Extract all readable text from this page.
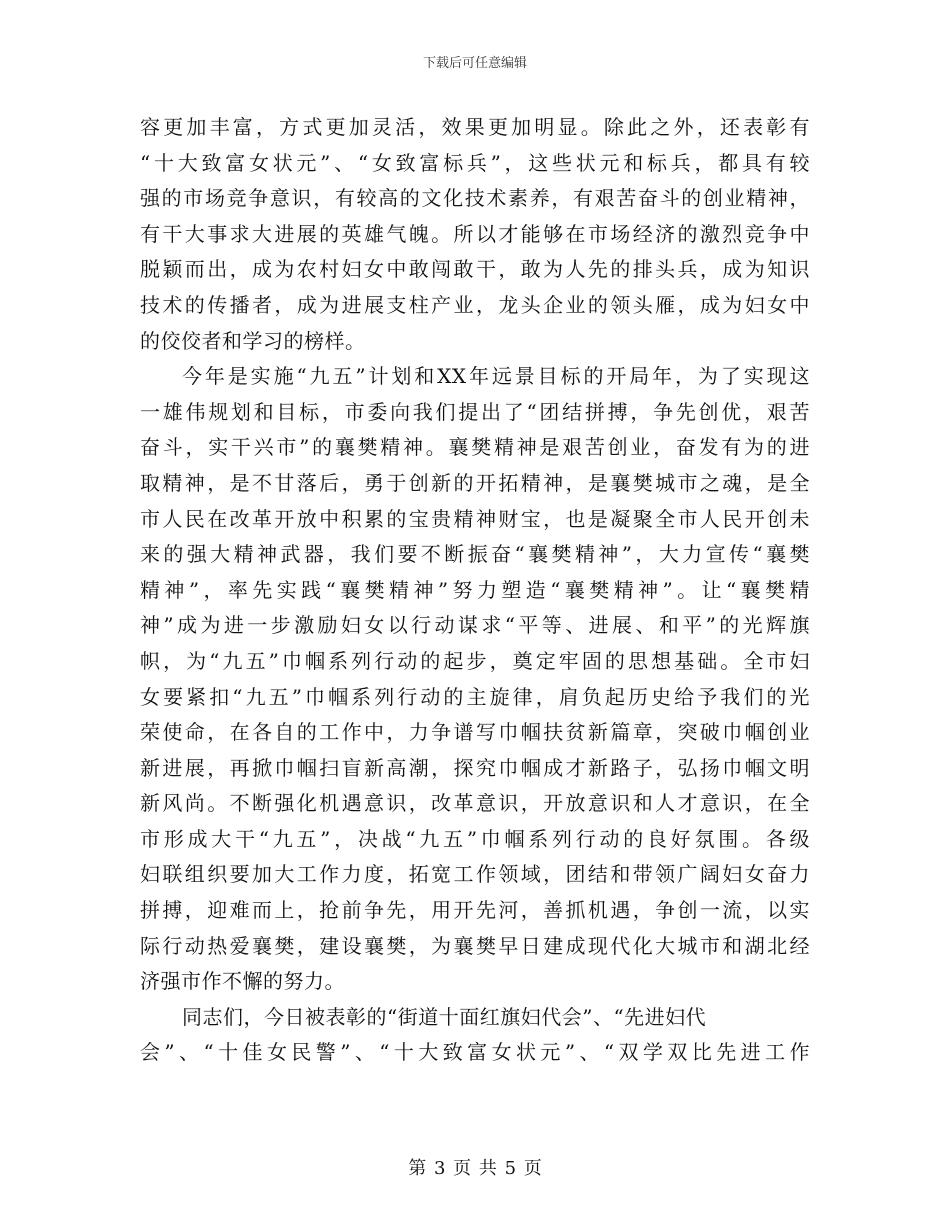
下载后可任意编辑
容更加丰富，方式更加灵活，效果更加明显。除此之外，还表彰有
“十大致富女状元”、“女致富标兵”，这些状元和标兵，都具有较
强的市场竞争意识，有较高的文化技术素养，有艰苦奋斗的创业精神，
有干大事求大进展的英雄气魄。所以才能够在市场经济的激烈竞争中
脱颖而出，成为农村妇女中敢闯敢干，敢为人先的排头兵，成为知识
技术的传播者，成为进展支柱产业，龙头企业的领头雁，成为妇女中
的佼佼者和学习的榜样。
今年是实施“九五”计划和XX年远景目标的开局年，为了实现这
一雄伟规划和目标，市委向我们提出了“团结拼搏，争先创优，艰苦
奋斗，实干兴市”的襄樊精神。襄樊精神是艰苦创业，奋发有为的进
取精神，是不甘落后，勇于创新的开拓精神，是襄樊城市之魂，是全
市人民在改革开放中积累的宝贵精神财宝，也是凝聚全市人民开创未
来的强大精神武器，我们要不断振奋“襄樊精神”，大力宣传“襄樊
精神”，率先实践“襄樊精神”努力塑造“襄樊精神”。让“襄樊精
神”成为进一步激励妇女以行动谋求“平等、进展、和平”的光辉旗
帜，为“九五”巾帼系列行动的起步，奠定牢固的思想基础。全市妇
女要紧扣“九五”巾帼系列行动的主旋律，肩负起历史给予我们的光
荣使命，在各自的工作中，力争谱写巾帼扶贫新篇章，突破巾帼创业
新进展，再掀巾帼扫盲新高潮，探究巾帼成才新路子，弘扬巾帼文明
新风尚。不断强化机遇意识，改革意识，开放意识和人才意识，在全
市形成大干“九五”，决战“九五”巾帼系列行动的良好氛围。各级
妇联组织要加大工作力度，拓宽工作领域，团结和带领广阔妇女奋力
拼搏，迎难而上，抢前争先，用开先河，善抓机遇，争创一流，以实
际行动热爱襄樊，建设襄樊，为襄樊早日建成现代化大城市和湖北经
济强市作不懈的努力。
同志们，今日被表彰的“街道十面红旗妇代会”、“先进妇代
会”、“十佳女民警”、“十大致富女状元”、“双学双比先进工作
第 3 页 共 5 页
